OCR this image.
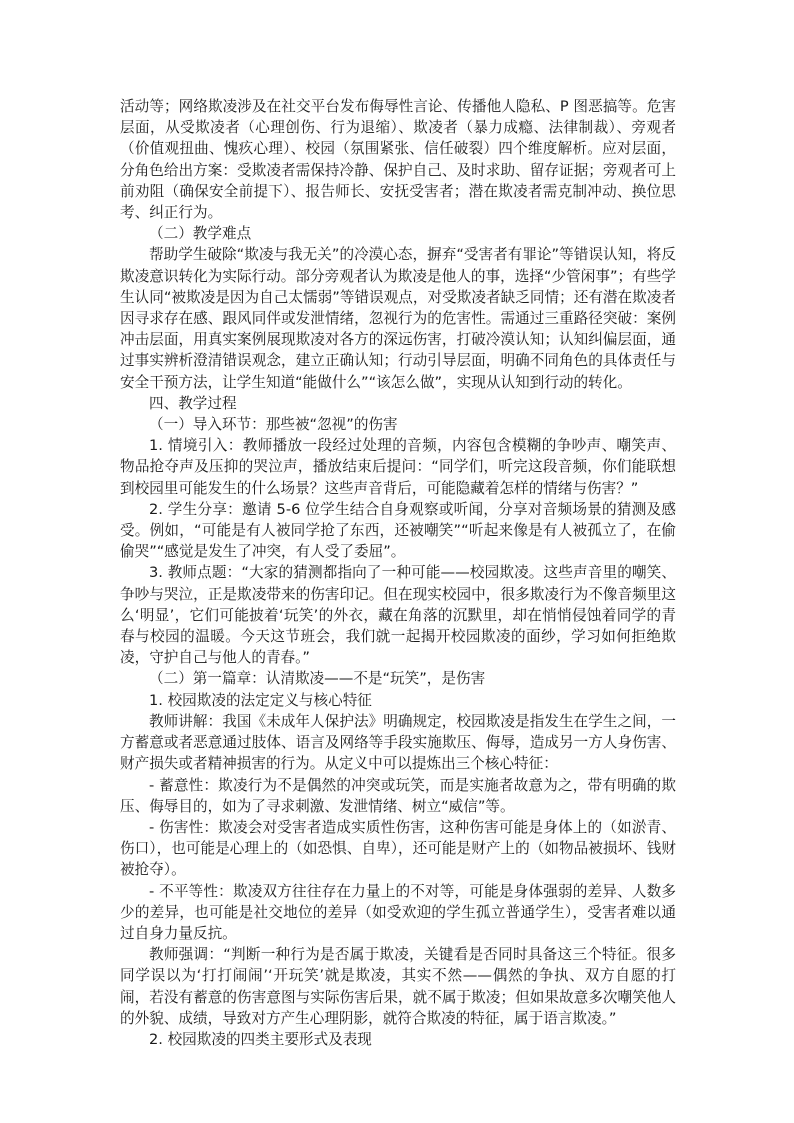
活动等；网络欺凌涉及在社交平台发布侮辱性言论、传播他人隐私、P 图恶搞等。危害层面，从受欺凌者（心理创伤、行为退缩）、欺凌者（暴力成瘾、法律制裁）、旁观者（价值观扭曲、愧疚心理）、校园（氛围紧张、信任破裂）四个维度解析。应对层面，分角色给出方案：受欺凌者需保持冷静、保护自己、及时求助、留存证据；旁观者可上前劝阻（确保安全前提下）、报告师长、安抚受害者；潜在欺凌者需克制冲动、换位思考、纠正行为。

（二）教学难点

帮助学生破除“欺凌与我无关”的冷漠心态，摒弃“受害者有罪论”等错误认知，将反欺凌意识转化为实际行动。部分旁观者认为欺凌是他人的事，选择“少管闲事”；有些学生认同“被欺凌是因为自己太懦弱”等错误观点，对受欺凌者缺乏同情；还有潜在欺凌者因寻求存在感、跟风同伴或发泄情绪，忽视行为的危害性。需通过三重路径突破：案例冲击层面，用真实案例展现欺凌对各方的深远伤害，打破冷漠认知；认知纠偏层面，通过事实辨析澄清错误观念，建立正确认知；行动引导层面，明确不同角色的具体责任与安全干预方法，让学生知道“能做什么”“该怎么做”，实现从认知到行动的转化。

四、教学过程

（一）导入环节：那些被“忽视”的伤害

1. 情境引入：教师播放一段经过处理的音频，内容包含模糊的争吵声、嘲笑声、物品抢夺声及压抑的哭泣声，播放结束后提问：“同学们，听完这段音频，你们能联想到校园里可能发生的什么场景？这些声音背后，可能隐藏着怎样的情绪与伤害？”

2. 学生分享：邀请 5-6 位学生结合自身观察或听闻，分享对音频场景的猜测及感受。例如，“可能是有人被同学抢了东西，还被嘲笑”“听起来像是有人被孤立了，在偷偷哭”“感觉是发生了冲突，有人受了委屈”。

3. 教师点题：“大家的猜测都指向了一种可能——校园欺凌。这些声音里的嘲笑、争吵与哭泣，正是欺凌带来的伤害印记。但在现实校园中，很多欺凌行为不像音频里这么‘明显’，它们可能披着‘玩笑’的外衣，藏在角落的沉默里，却在悄悄侵蚀着同学的青春与校园的温暖。今天这节班会，我们就一起揭开校园欺凌的面纱，学习如何拒绝欺凌，守护自己与他人的青春。”

（二）第一篇章：认清欺凌——不是“玩笑”，是伤害

1. 校园欺凌的法定定义与核心特征

教师讲解：我国《未成年人保护法》明确规定，校园欺凌是指发生在学生之间，一方蓄意或者恶意通过肢体、语言及网络等手段实施欺压、侮辱，造成另一方人身伤害、财产损失或者精神损害的行为。从定义中可以提炼出三个核心特征：

- 蓄意性：欺凌行为不是偶然的冲突或玩笑，而是实施者故意为之，带有明确的欺压、侮辱目的，如为了寻求刺激、发泄情绪、树立“威信”等。

- 伤害性：欺凌会对受害者造成实质性伤害，这种伤害可能是身体上的（如淤青、伤口），也可能是心理上的（如恐惧、自卑），还可能是财产上的（如物品被损坏、钱财被抢夺）。

- 不平等性：欺凌双方往往存在力量上的不对等，可能是身体强弱的差异、人数多少的差异，也可能是社交地位的差异（如受欢迎的学生孤立普通学生），受害者难以通过自身力量反抗。

教师强调：“判断一种行为是否属于欺凌，关键看是否同时具备这三个特征。很多同学误以为‘打打闹闹’‘开玩笑’就是欺凌，其实不然——偶然的争执、双方自愿的打闹，若没有蓄意的伤害意图与实际伤害后果，就不属于欺凌；但如果故意多次嘲笑他人的外貌、成绩，导致对方产生心理阴影，就符合欺凌的特征，属于语言欺凌。”

2. 校园欺凌的四类主要形式及表现
